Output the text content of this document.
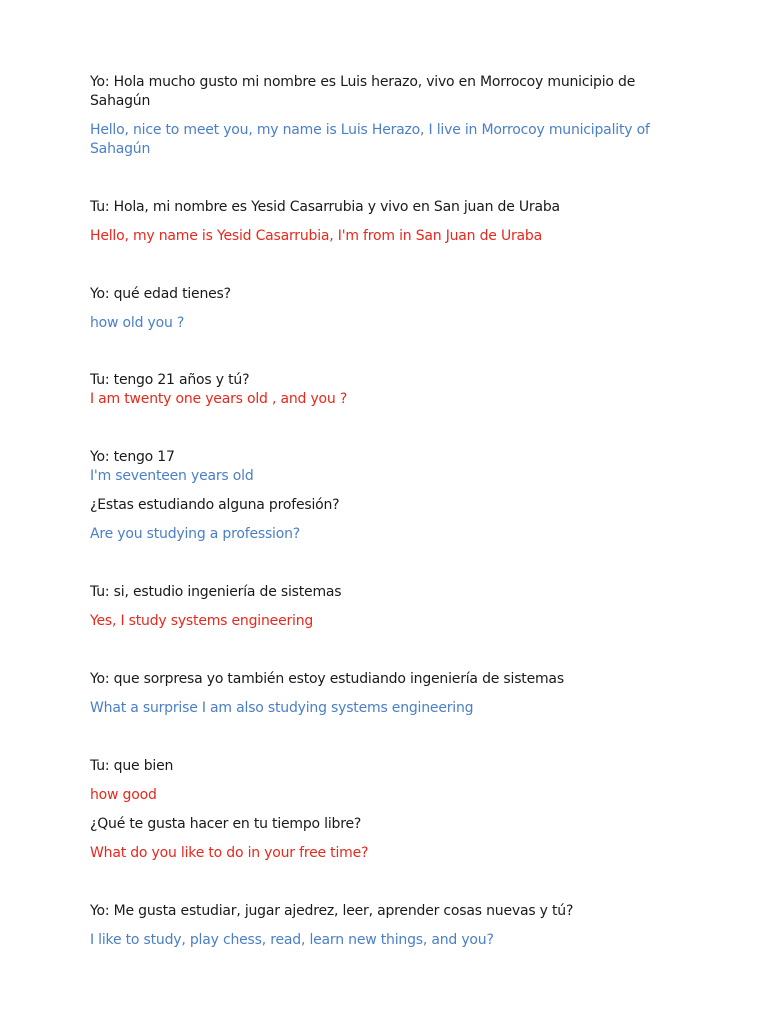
Yo: Hola mucho gusto mi nombre es Luis herazo, vivo en Morrocoy municipio de Sahagún

Hello, nice to meet you, my name is Luis Herazo, I live in Morrocoy municipality of Sahagún

Tu: Hola, mi nombre es Yesid Casarrubia y vivo en San juan de Uraba

Hello, my name is Yesid Casarrubia, I'm from in San Juan de Uraba

Yo: qué edad tienes?

how old you ?

Tu: tengo 21 años y tú?

I am twenty one years old , and you ?

Yo: tengo 17

I'm seventeen years old

¿Estas estudiando alguna profesión?

Are you studying a profession?

Tu: si, estudio ingeniería de sistemas

Yes, I study systems engineering

Yo: que sorpresa yo también estoy estudiando ingeniería de sistemas

What a surprise I am also studying systems engineering

Tu: que bien

how good

¿Qué te gusta hacer en tu tiempo libre?

What do you like to do in your free time?

Yo: Me gusta estudiar, jugar ajedrez, leer, aprender cosas nuevas y tú?

I like to study, play chess, read, learn new things, and you?
